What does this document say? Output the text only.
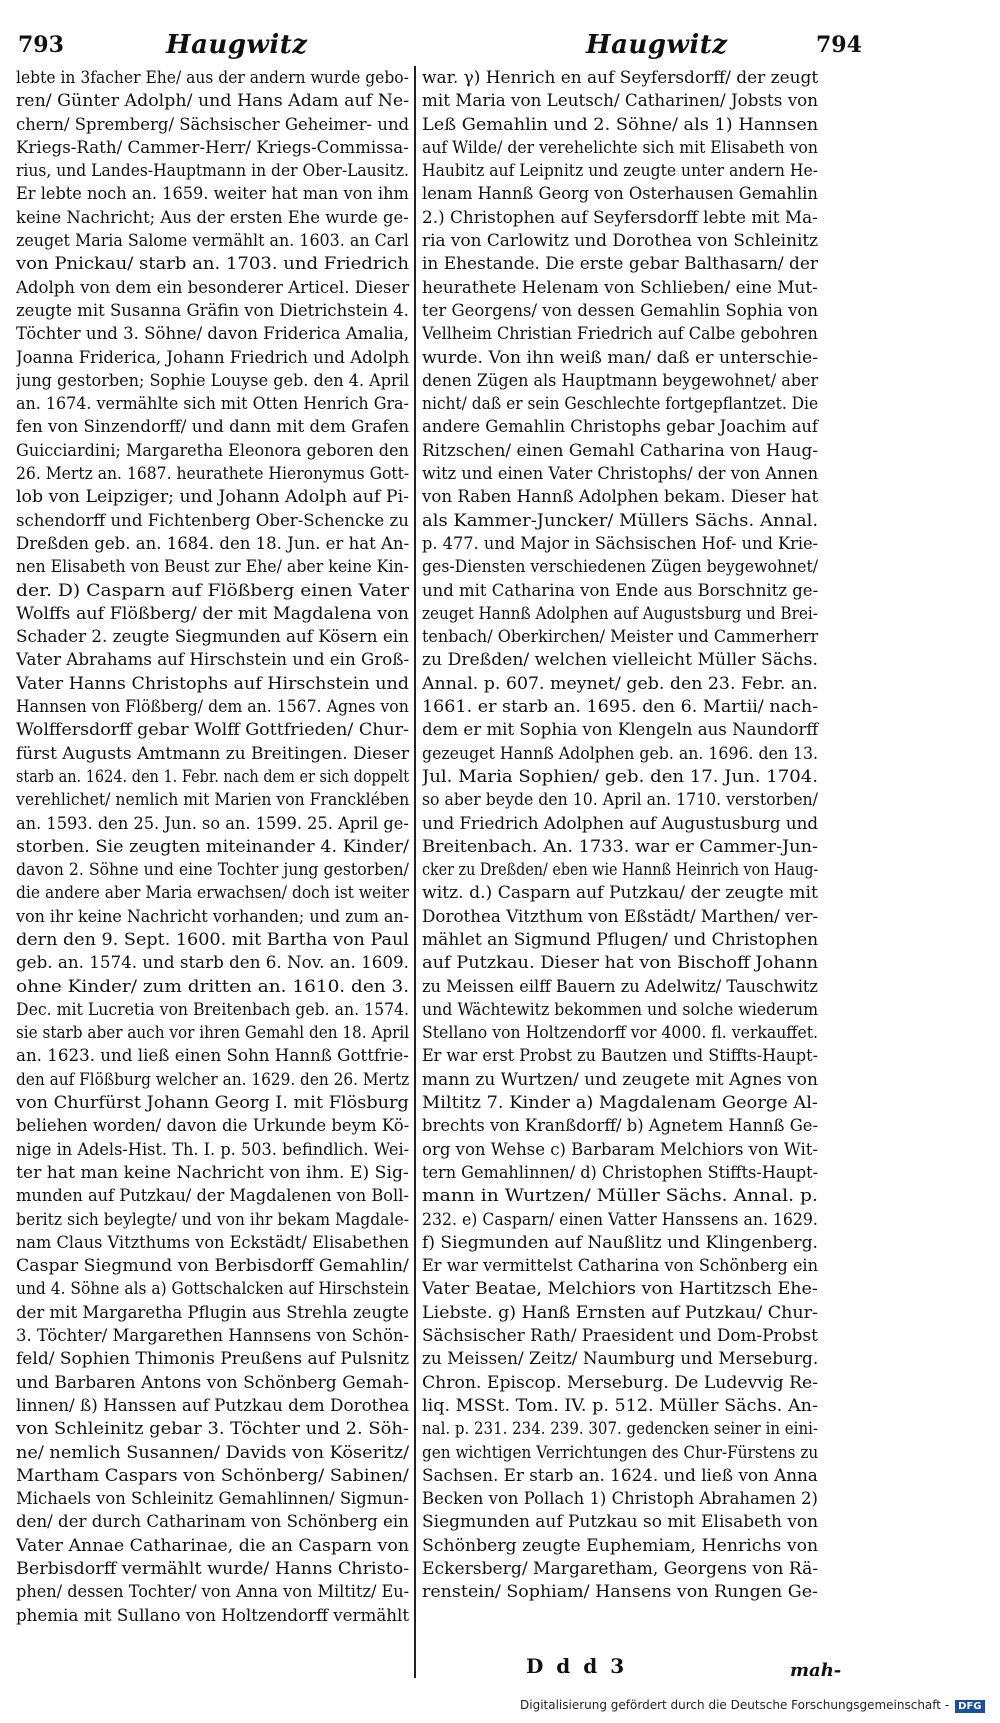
793	Haugwitz	Haugwitz	794
lebte in 3facher Ehe/ aus der andern wurde gebo-
ren/ Günter Adolph/ und Hans Adam auf Ne-
chern/ Spremberg/ Sächsischer Geheimer- und
Kriegs-Rath/ Cammer-Herr/ Kriegs-Commissa-
rius, und Landes-Hauptmann in der Ober-Lausitz.
Er lebte noch an. 1659. weiter hat man von ihm
keine Nachricht; Aus der ersten Ehe wurde ge-
zeuget Maria Salome vermählt an. 1603. an Carl
von Pnickau/ starb an. 1703. und Friedrich
Adolph von dem ein besonderer Articel. Dieser
zeugte mit Susanna Gräfin von Dietrichstein 4.
Töchter und 3. Söhne/ davon Friderica Amalia,
Joanna Friderica, Johann Friedrich und Adolph
jung gestorben; Sophie Louyse geb. den 4. April
an. 1674. vermählte sich mit Otten Henrich Gra-
fen von Sinzendorff/ und dann mit dem Grafen
Guicciardini; Margaretha Eleonora geboren den
26. Mertz an. 1687. heurathete Hieronymus Gott-
lob von Leipziger; und Johann Adolph auf Pi-
schendorff und Fichtenberg Ober-Schencke zu
Dreßden geb. an. 1684. den 18. Jun. er hat An-
nen Elisabeth von Beust zur Ehe/ aber keine Kin-
der. D) Casparn auf Flößberg einen Vater
Wolffs auf Flößberg/ der mit Magdalena von
Schader 2. zeugte Siegmunden auf Kösern ein
Vater Abrahams auf Hirschstein und ein Groß-
Vater Hanns Christophs auf Hirschstein und
Hannsen von Flößberg/ dem an. 1567. Agnes von
Wolffersdorff gebar Wolff Gottfrieden/ Chur-
fürst Augusts Amtmann zu Breitingen. Dieser
starb an. 1624. den 1. Febr. nach dem er sich doppelt
verehlichet/ nemlich mit Marien von Francklében
an. 1593. den 25. Jun. so an. 1599. 25. April ge-
storben. Sie zeugten miteinander 4. Kinder/
davon 2. Söhne und eine Tochter jung gestorben/
die andere aber Maria erwachsen/ doch ist weiter
von ihr keine Nachricht vorhanden; und zum an-
dern den 9. Sept. 1600. mit Bartha von Paul
geb. an. 1574. und starb den 6. Nov. an. 1609.
ohne Kinder/ zum dritten an. 1610. den 3.
Dec. mit Lucretia von Breitenbach geb. an. 1574.
sie starb aber auch vor ihren Gemahl den 18. April
an. 1623. und ließ einen Sohn Hannß Gottfrie-
den auf Flößburg welcher an. 1629. den 26. Mertz
von Churfürst Johann Georg I. mit Flösburg
beliehen worden/ davon die Urkunde beym Kö-
nige in Adels-Hist. Th. I. p. 503. befindlich. Wei-
ter hat man keine Nachricht von ihm. E) Sig-
munden auf Putzkau/ der Magdalenen von Boll-
beritz sich beylegte/ und von ihr bekam Magdale-
nam Claus Vitzthums von Eckstädt/ Elisabethen
Caspar Siegmund von Berbisdorff Gemahlin/
und 4. Söhne als a) Gottschalcken auf Hirschstein
der mit Margaretha Pflugin aus Strehla zeugte
3. Töchter/ Margarethen Hannsens von Schön-
feld/ Sophien Thimonis Preußens auf Pulsnitz
und Barbaren Antons von Schönberg Gemah-
linnen/ ß) Hanssen auf Putzkau dem Dorothea
von Schleinitz gebar 3. Töchter und 2. Söh-
ne/ nemlich Susannen/ Davids von Köseritz/
Martham Caspars von Schönberg/ Sabinen/
Michaels von Schleinitz Gemahlinnen/ Sigmun-
den/ der durch Catharinam von Schönberg ein
Vater Annae Catharinae, die an Casparn von
Berbisdorff vermählt wurde/ Hanns Christo-
phen/ dessen Tochter/ von Anna von Miltitz/ Eu-
phemia mit Sullano von Holtzendorff vermählt
war. γ) Henrich en auf Seyfersdorff/ der zeugt
mit Maria von Leutsch/ Catharinen/ Jobsts von
Leß Gemahlin und 2. Söhne/ als 1) Hannsen
auf Wilde/ der verehelichte sich mit Elisabeth von
Haubitz auf Leipnitz und zeugte unter andern He-
lenam Hannß Georg von Osterhausen Gemahlin
2.) Christophen auf Seyfersdorff lebte mit Ma-
ria von Carlowitz und Dorothea von Schleinitz
in Ehestande. Die erste gebar Balthasarn/ der
heurathete Helenam von Schlieben/ eine Mut-
ter Georgens/ von dessen Gemahlin Sophia von
Vellheim Christian Friedrich auf Calbe gebohren
wurde. Von ihn weiß man/ daß er unterschie-
denen Zügen als Hauptmann beygewohnet/ aber
nicht/ daß er sein Geschlechte fortgepflantzet. Die
andere Gemahlin Christophs gebar Joachim auf
Ritzschen/ einen Gemahl Catharina von Haug-
witz und einen Vater Christophs/ der von Annen
von Raben Hannß Adolphen bekam. Dieser hat
als Kammer-Juncker/ Müllers Sächs. Annal.
p. 477. und Major in Sächsischen Hof- und Krie-
ges-Diensten verschiedenen Zügen beygewohnet/
und mit Catharina von Ende aus Borschnitz ge-
zeuget Hannß Adolphen auf Augustsburg und Brei-
tenbach/ Oberkirchen/ Meister und Cammerherr
zu Dreßden/ welchen vielleicht Müller Sächs.
Annal. p. 607. meynet/ geb. den 23. Febr. an.
1661. er starb an. 1695. den 6. Martii/ nach-
dem er mit Sophia von Klengeln aus Naundorff
gezeuget Hannß Adolphen geb. an. 1696. den 13.
Jul. Maria Sophien/ geb. den 17. Jun. 1704.
so aber beyde den 10. April an. 1710. verstorben/
und Friedrich Adolphen auf Augustusburg und
Breitenbach. An. 1733. war er Cammer-Jun-
cker zu Dreßden/ eben wie Hannß Heinrich von Haug-
witz. d.) Casparn auf Putzkau/ der zeugte mit
Dorothea Vitzthum von Eßstädt/ Marthen/ ver-
mählet an Sigmund Pflugen/ und Christophen
auf Putzkau. Dieser hat von Bischoff Johann
zu Meissen eilff Bauern zu Adelwitz/ Tauschwitz
und Wächtewitz bekommen und solche wiederum
Stellano von Holtzendorff vor 4000. fl. verkauffet.
Er war erst Probst zu Bautzen und Stiffts-Haupt-
mann zu Wurtzen/ und zeugete mit Agnes von
Miltitz 7. Kinder a) Magdalenam George Al-
brechts von Kranßdorff/ b) Agnetem Hannß Ge-
org von Wehse c) Barbaram Melchiors von Wit-
tern Gemahlinnen/ d) Christophen Stiffts-Haupt-
mann in Wurtzen/ Müller Sächs. Annal. p.
232. e) Casparn/ einen Vatter Hanssens an. 1629.
f) Siegmunden auf Naußlitz und Klingenberg.
Er war vermittelst Catharina von Schönberg ein
Vater Beatae, Melchiors von Hartitzsch Ehe-
Liebste. g) Hanß Ernsten auf Putzkau/ Chur-
Sächsischer Rath/ Praesident und Dom-Probst
zu Meissen/ Zeitz/ Naumburg und Merseburg.
Chron. Episcop. Merseburg. De Ludevvig Re-
liq. MSSt. Tom. IV. p. 512. Müller Sächs. An-
nal. p. 231. 234. 239. 307. gedencken seiner in eini-
gen wichtigen Verrichtungen des Chur-Fürstens zu
Sachsen. Er starb an. 1624. und ließ von Anna
Becken von Pollach 1) Christoph Abrahamen 2)
Siegmunden auf Putzkau so mit Elisabeth von
Schönberg zeugte Euphemiam, Henrichs von
Eckersberg/ Margaretham, Georgens von Rä-
renstein/ Sophiam/ Hansens von Rungen Ge-
D d d 3	mah-
Digitalisierung gefördert durch die Deutsche Forschungsgemeinschaft - DFG
